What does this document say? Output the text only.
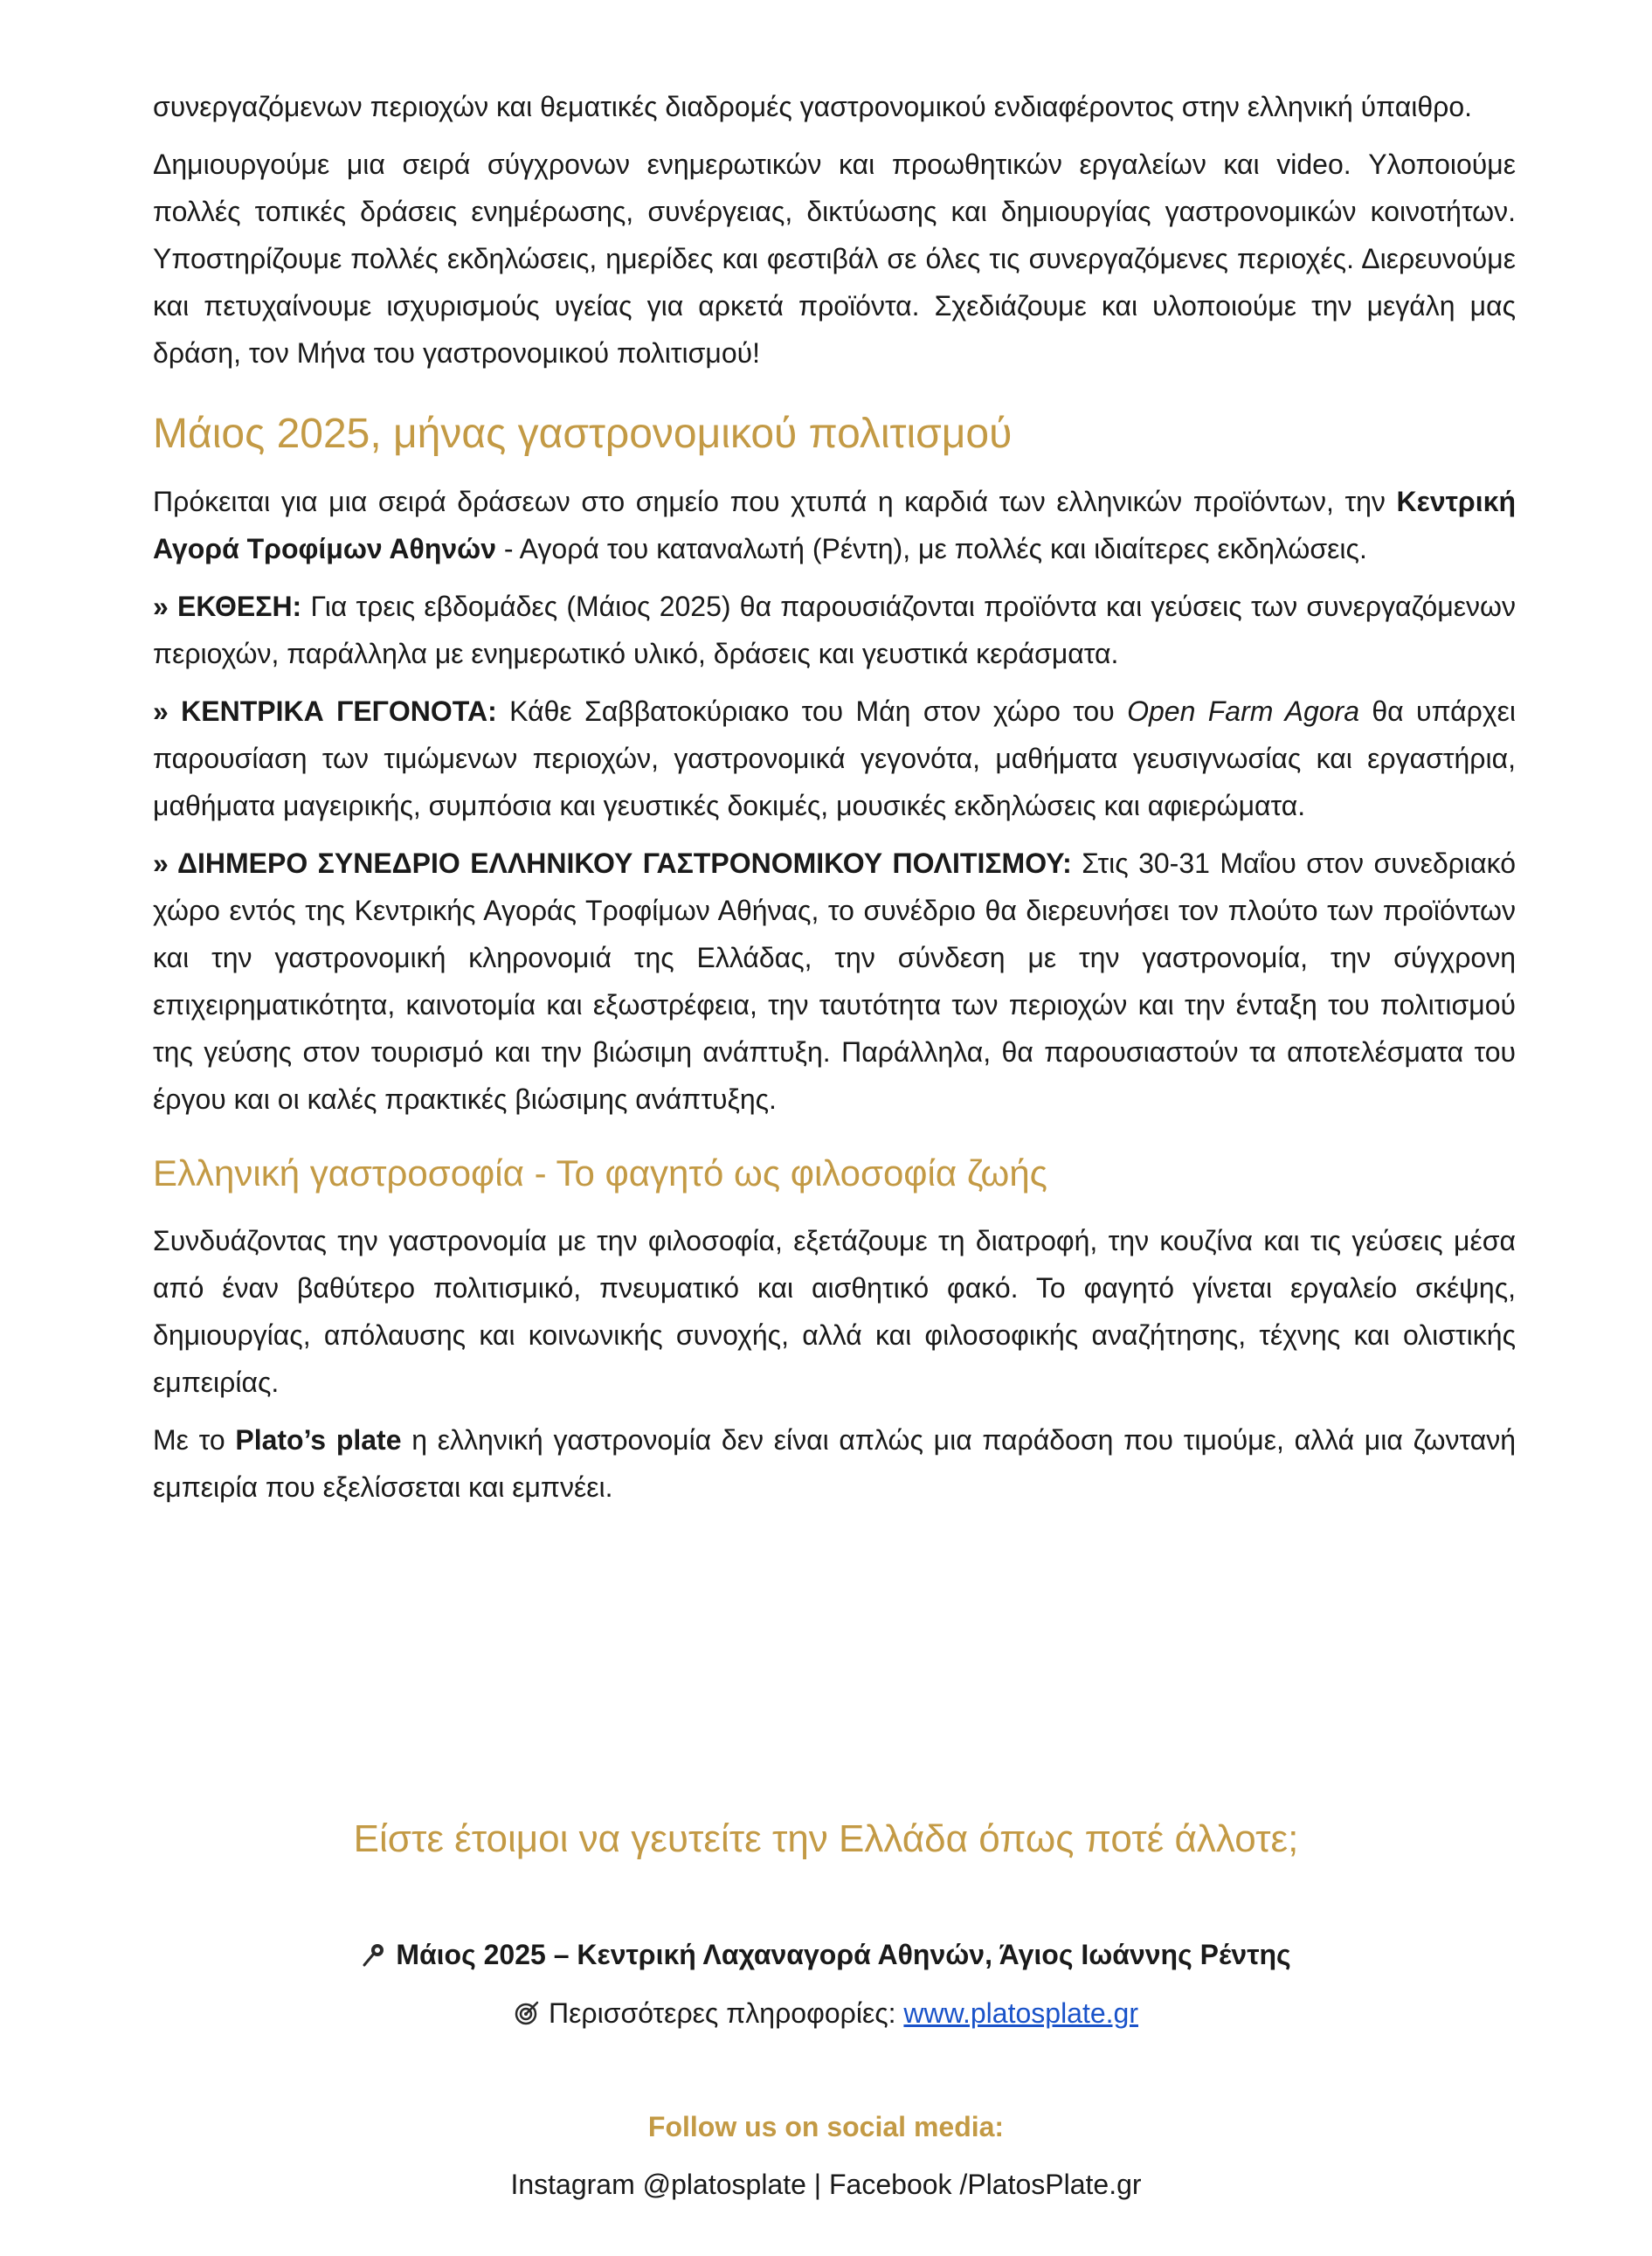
συνεργαζόμενων περιοχών και θεματικές διαδρομές γαστρονομικού ενδιαφέροντος στην ελληνική ύπαιθρο.

Δημιουργούμε μια σειρά σύγχρονων ενημερωτικών και προωθητικών εργαλείων και video. Υλοποιούμε πολλές τοπικές δράσεις ενημέρωσης, συνέργειας, δικτύωσης και δημιουργίας γαστρονομικών κοινοτήτων. Υποστηρίζουμε πολλές εκδηλώσεις, ημερίδες και φεστιβάλ σε όλες τις συνεργαζόμενες περιοχές. Διερευνούμε και πετυχαίνουμε ισχυρισμούς υγείας για αρκετά προϊόντα. Σχεδιάζουμε και υλοποιούμε την μεγάλη μας δράση, τον Μήνα του γαστρονομικού πολιτισμού!

Μάιος 2025, μήνας γαστρονομικού πολιτισμού

Πρόκειται για μια σειρά δράσεων στο σημείο που χτυπά η καρδιά των ελληνικών προϊόντων, την Κεντρική Αγορά Τροφίμων Αθηνών - Αγορά του καταναλωτή (Ρέντη), με πολλές και ιδιαίτερες εκδηλώσεις.

» ΕΚΘΕΣΗ: Για τρεις εβδομάδες (Μάιος 2025) θα παρουσιάζονται προϊόντα και γεύσεις των συνεργαζόμενων περιοχών, παράλληλα με ενημερωτικό υλικό, δράσεις και γευστικά κεράσματα.

» ΚΕΝΤΡΙΚΑ ΓΕΓΟΝΟΤΑ: Κάθε Σαββατοκύριακο του Μάη στον χώρο του Open Farm Agora θα υπάρχει παρουσίαση των τιμώμενων περιοχών, γαστρονομικά γεγονότα, μαθήματα γευσιγνωσίας και εργαστήρια, μαθήματα μαγειρικής, συμπόσια και γευστικές δοκιμές, μουσικές εκδηλώσεις και αφιερώματα.

» ΔΙΗΜΕΡΟ ΣΥΝΕΔΡΙΟ ΕΛΛΗΝΙΚΟΥ ΓΑΣΤΡΟΝΟΜΙΚΟΥ ΠΟΛΙΤΙΣΜΟΥ: Στις 30-31 Μαΐου στον συνεδριακό χώρο εντός της Κεντρικής Αγοράς Τροφίμων Αθήνας, το συνέδριο θα διερευνήσει τον πλούτο των προϊόντων και την γαστρονομική κληρονομιά της Ελλάδας, την σύνδεση με την γαστρονομία, την σύγχρονη επιχειρηματικότητα, καινοτομία και εξωστρέφεια, την ταυτότητα των περιοχών και την ένταξη του πολιτισμού της γεύσης στον τουρισμό και την βιώσιμη ανάπτυξη. Παράλληλα, θα παρουσιαστούν τα αποτελέσματα του έργου και οι καλές πρακτικές βιώσιμης ανάπτυξης.

Ελληνική γαστροσοφία - Το φαγητό ως φιλοσοφία ζωής

Συνδυάζοντας την γαστρονομία με την φιλοσοφία, εξετάζουμε τη διατροφή, την κουζίνα και τις γεύσεις μέσα από έναν βαθύτερο πολιτισμικό, πνευματικό και αισθητικό φακό. Το φαγητό γίνεται εργαλείο σκέψης, δημιουργίας, απόλαυσης και κοινωνικής συνοχής, αλλά και φιλοσοφικής αναζήτησης, τέχνης και ολιστικής εμπειρίας.

Με το Plato’s plate η ελληνική γαστρονομία δεν είναι απλώς μια παράδοση που τιμούμε, αλλά μια ζωντανή εμπειρία που εξελίσσεται και εμπνέει.

Είστε έτοιμοι να γευτείτε την Ελλάδα όπως ποτέ άλλοτε;
Μάιος 2025 – Κεντρική Λαχαναγορά Αθηνών, Άγιος Ιωάννης Ρέντης
Περισσότερες πληροφορίες: www.platosplate.gr
Follow us on social media:
Instagram @platosplate | Facebook /PlatosPlate.gr
